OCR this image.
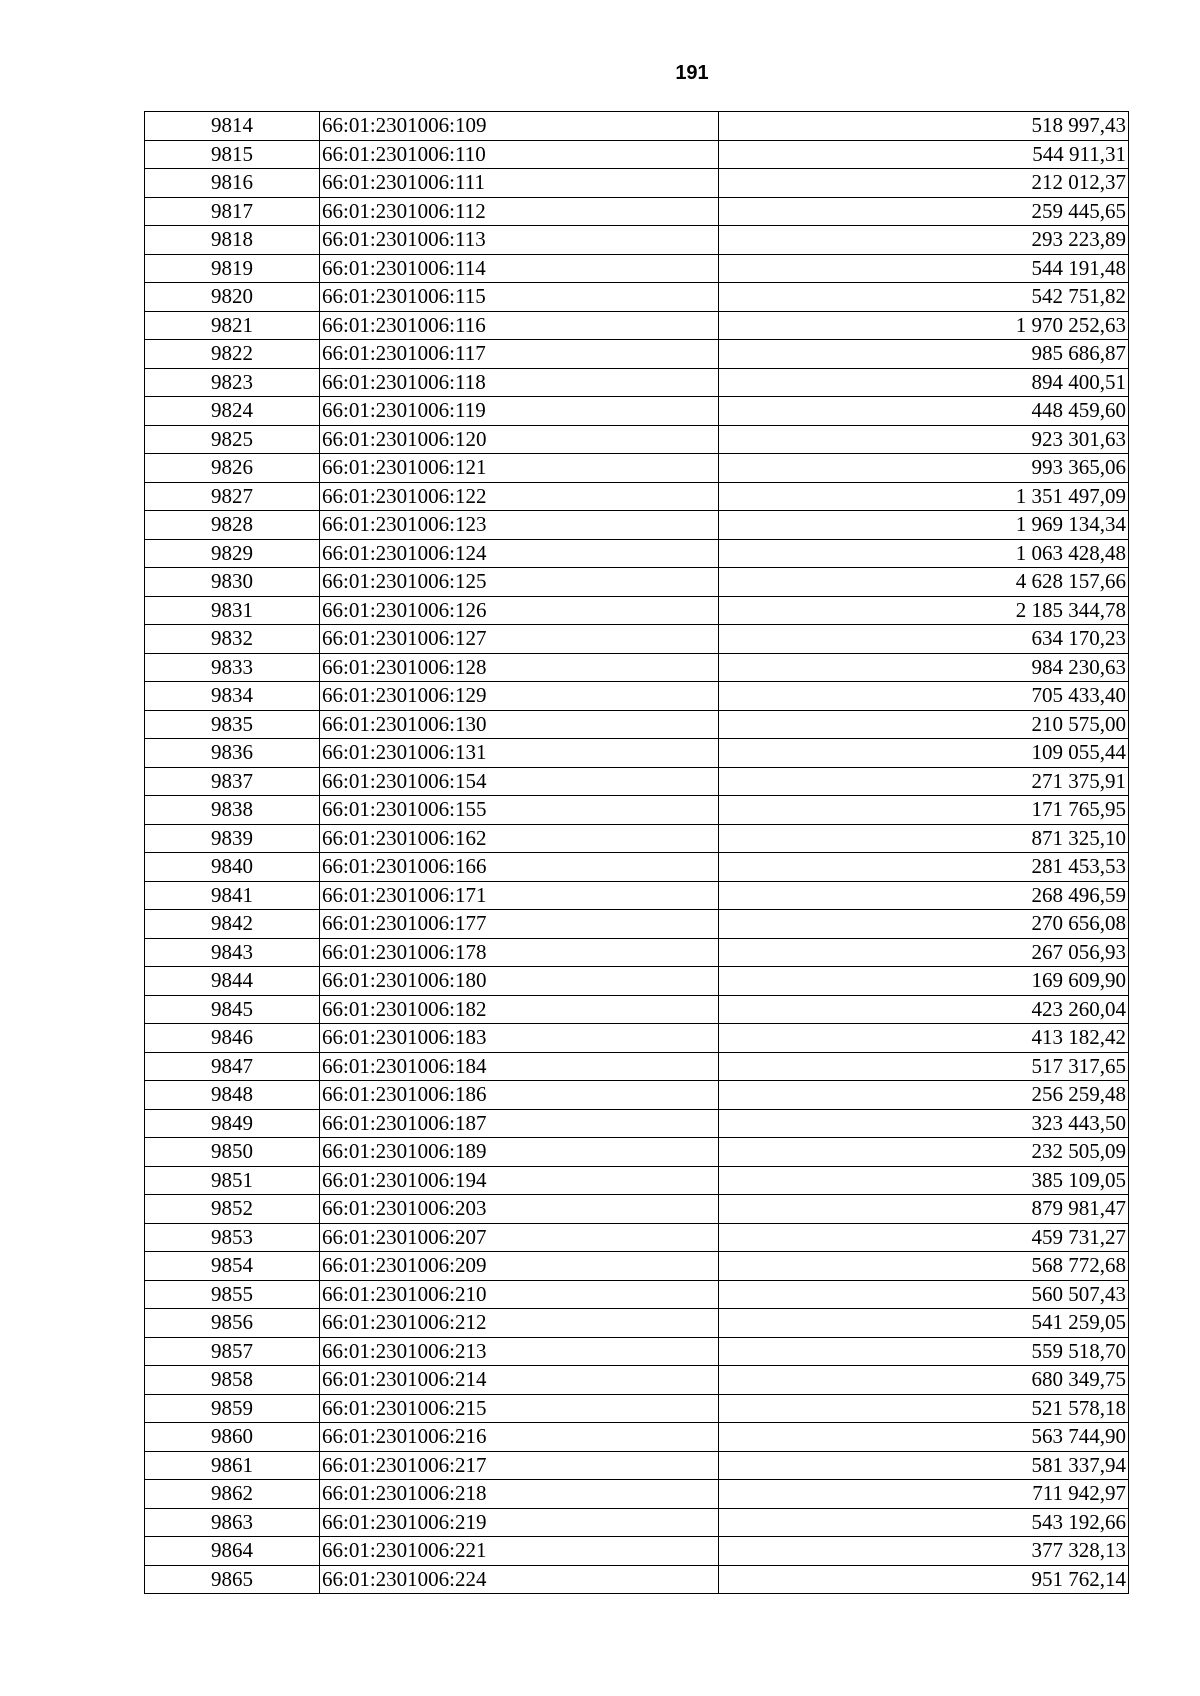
191
9814	66:01:2301006:109	518 997,43
9815	66:01:2301006:110	544 911,31
9816	66:01:2301006:111	212 012,37
9817	66:01:2301006:112	259 445,65
9818	66:01:2301006:113	293 223,89
9819	66:01:2301006:114	544 191,48
9820	66:01:2301006:115	542 751,82
9821	66:01:2301006:116	1 970 252,63
9822	66:01:2301006:117	985 686,87
9823	66:01:2301006:118	894 400,51
9824	66:01:2301006:119	448 459,60
9825	66:01:2301006:120	923 301,63
9826	66:01:2301006:121	993 365,06
9827	66:01:2301006:122	1 351 497,09
9828	66:01:2301006:123	1 969 134,34
9829	66:01:2301006:124	1 063 428,48
9830	66:01:2301006:125	4 628 157,66
9831	66:01:2301006:126	2 185 344,78
9832	66:01:2301006:127	634 170,23
9833	66:01:2301006:128	984 230,63
9834	66:01:2301006:129	705 433,40
9835	66:01:2301006:130	210 575,00
9836	66:01:2301006:131	109 055,44
9837	66:01:2301006:154	271 375,91
9838	66:01:2301006:155	171 765,95
9839	66:01:2301006:162	871 325,10
9840	66:01:2301006:166	281 453,53
9841	66:01:2301006:171	268 496,59
9842	66:01:2301006:177	270 656,08
9843	66:01:2301006:178	267 056,93
9844	66:01:2301006:180	169 609,90
9845	66:01:2301006:182	423 260,04
9846	66:01:2301006:183	413 182,42
9847	66:01:2301006:184	517 317,65
9848	66:01:2301006:186	256 259,48
9849	66:01:2301006:187	323 443,50
9850	66:01:2301006:189	232 505,09
9851	66:01:2301006:194	385 109,05
9852	66:01:2301006:203	879 981,47
9853	66:01:2301006:207	459 731,27
9854	66:01:2301006:209	568 772,68
9855	66:01:2301006:210	560 507,43
9856	66:01:2301006:212	541 259,05
9857	66:01:2301006:213	559 518,70
9858	66:01:2301006:214	680 349,75
9859	66:01:2301006:215	521 578,18
9860	66:01:2301006:216	563 744,90
9861	66:01:2301006:217	581 337,94
9862	66:01:2301006:218	711 942,97
9863	66:01:2301006:219	543 192,66
9864	66:01:2301006:221	377 328,13
9865	66:01:2301006:224	951 762,14
